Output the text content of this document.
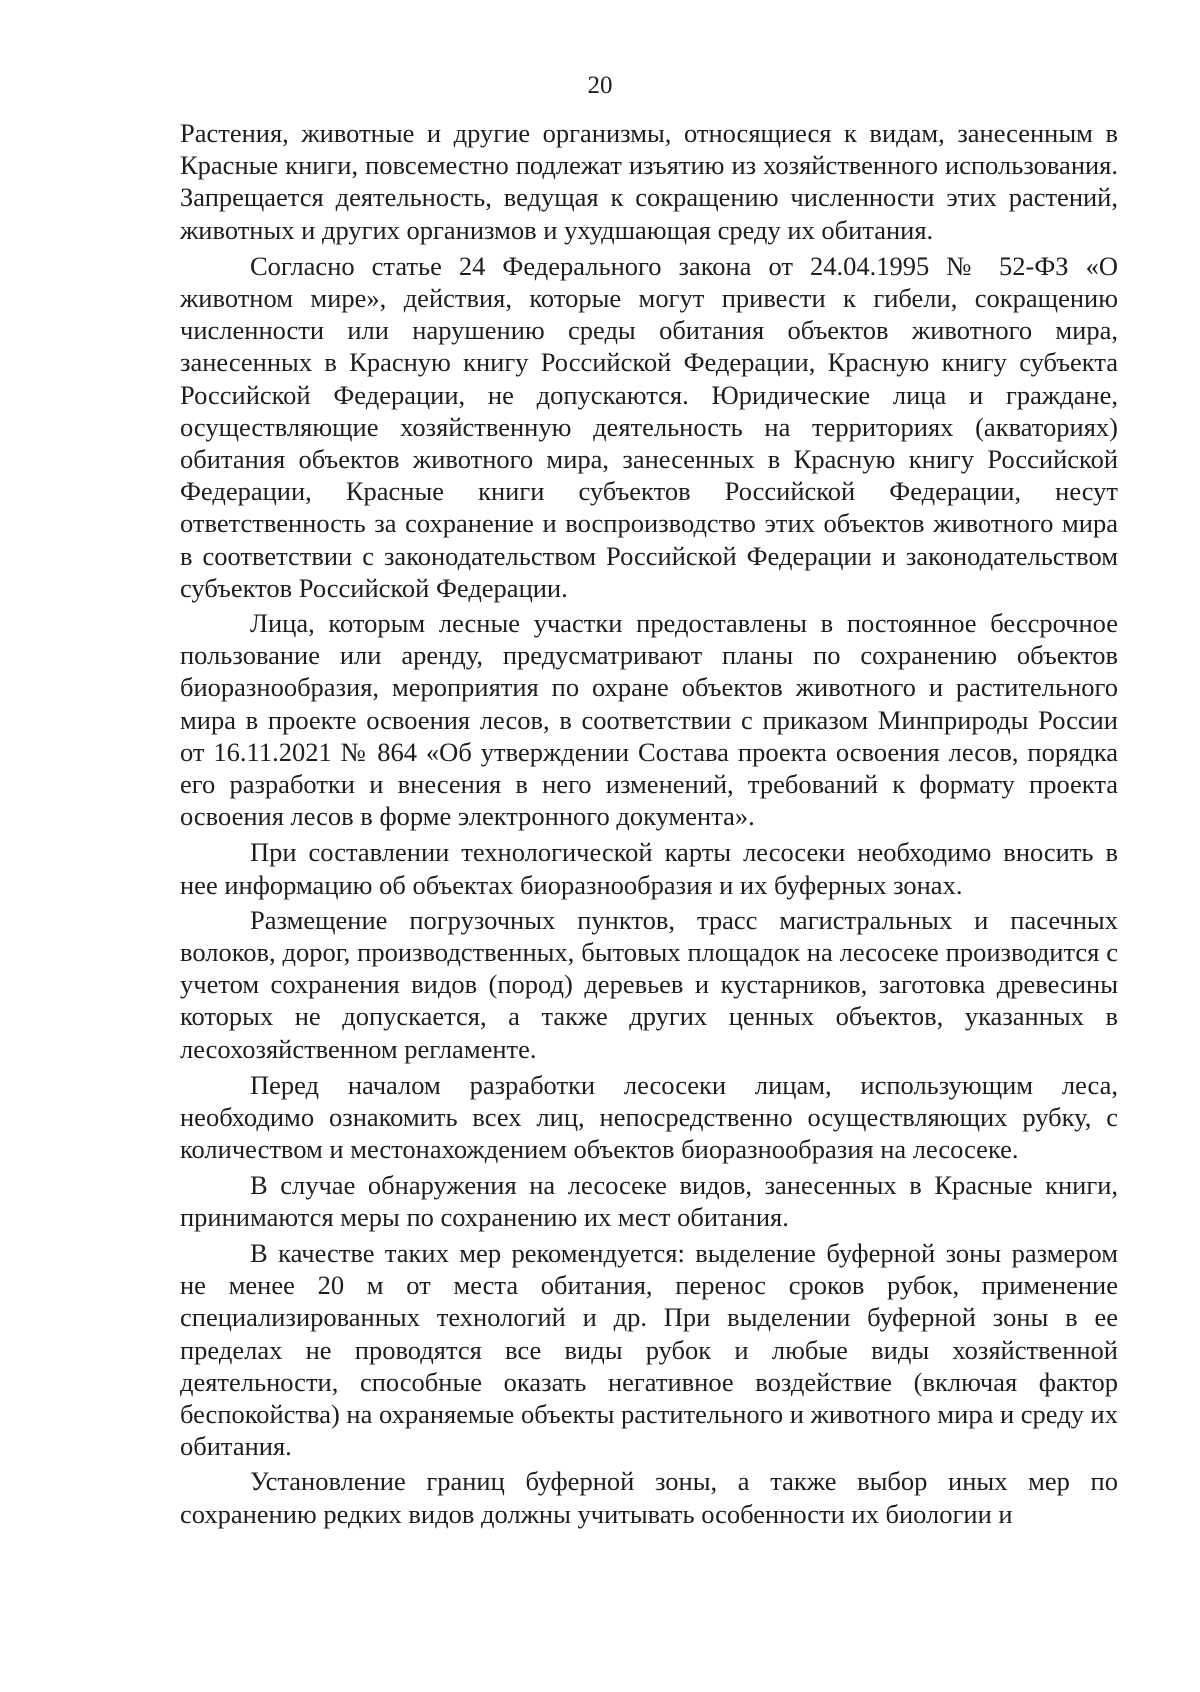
20

Растения, животные и другие организмы, относящиеся к видам, занесенным в Красные книги, повсеместно подлежат изъятию из хозяйственного использования. Запрещается деятельность, ведущая к сокращению численности этих растений, животных и других организмов и ухудшающая среду их обитания.

Согласно статье 24 Федерального закона от 24.04.1995 № 52-ФЗ «О животном мире», действия, которые могут привести к гибели, сокращению численности или нарушению среды обитания объектов животного мира, занесенных в Красную книгу Российской Федерации, Красную книгу субъекта Российской Федерации, не допускаются. Юридические лица и граждане, осуществляющие хозяйственную деятельность на территориях (акваториях) обитания объектов животного мира, занесенных в Красную книгу Российской Федерации, Красные книги субъектов Российской Федерации, несут ответственность за сохранение и воспроизводство этих объектов животного мира в соответствии с законодательством Российской Федерации и законодательством субъектов Российской Федерации.

Лица, которым лесные участки предоставлены в постоянное бессрочное пользование или аренду, предусматривают планы по сохранению объектов биоразнообразия, мероприятия по охране объектов животного и растительного мира в проекте освоения лесов, в соответствии с приказом Минприроды России от 16.11.2021 № 864 «Об утверждении Состава проекта освоения лесов, порядка его разработки и внесения в него изменений, требований к формату проекта освоения лесов в форме электронного документа».

При составлении технологической карты лесосеки необходимо вносить в нее информацию об объектах биоразнообразия и их буферных зонах.

Размещение погрузочных пунктов, трасс магистральных и пасечных волоков, дорог, производственных, бытовых площадок на лесосеке производится с учетом сохранения видов (пород) деревьев и кустарников, заготовка древесины которых не допускается, а также других ценных объектов, указанных в лесохозяйственном регламенте.

Перед началом разработки лесосеки лицам, использующим леса, необходимо ознакомить всех лиц, непосредственно осуществляющих рубку, с количеством и местонахождением объектов биоразнообразия на лесосеке.

В случае обнаружения на лесосеке видов, занесенных в Красные книги, принимаются меры по сохранению их мест обитания.

В качестве таких мер рекомендуется: выделение буферной зоны размером не менее 20 м от места обитания, перенос сроков рубок, применение специализированных технологий и др. При выделении буферной зоны в ее пределах не проводятся все виды рубок и любые виды хозяйственной деятельности, способные оказать негативное воздействие (включая фактор беспокойства) на охраняемые объекты растительного и животного мира и среду их обитания.

Установление границ буферной зоны, а также выбор иных мер по сохранению редких видов должны учитывать особенности их биологии и
